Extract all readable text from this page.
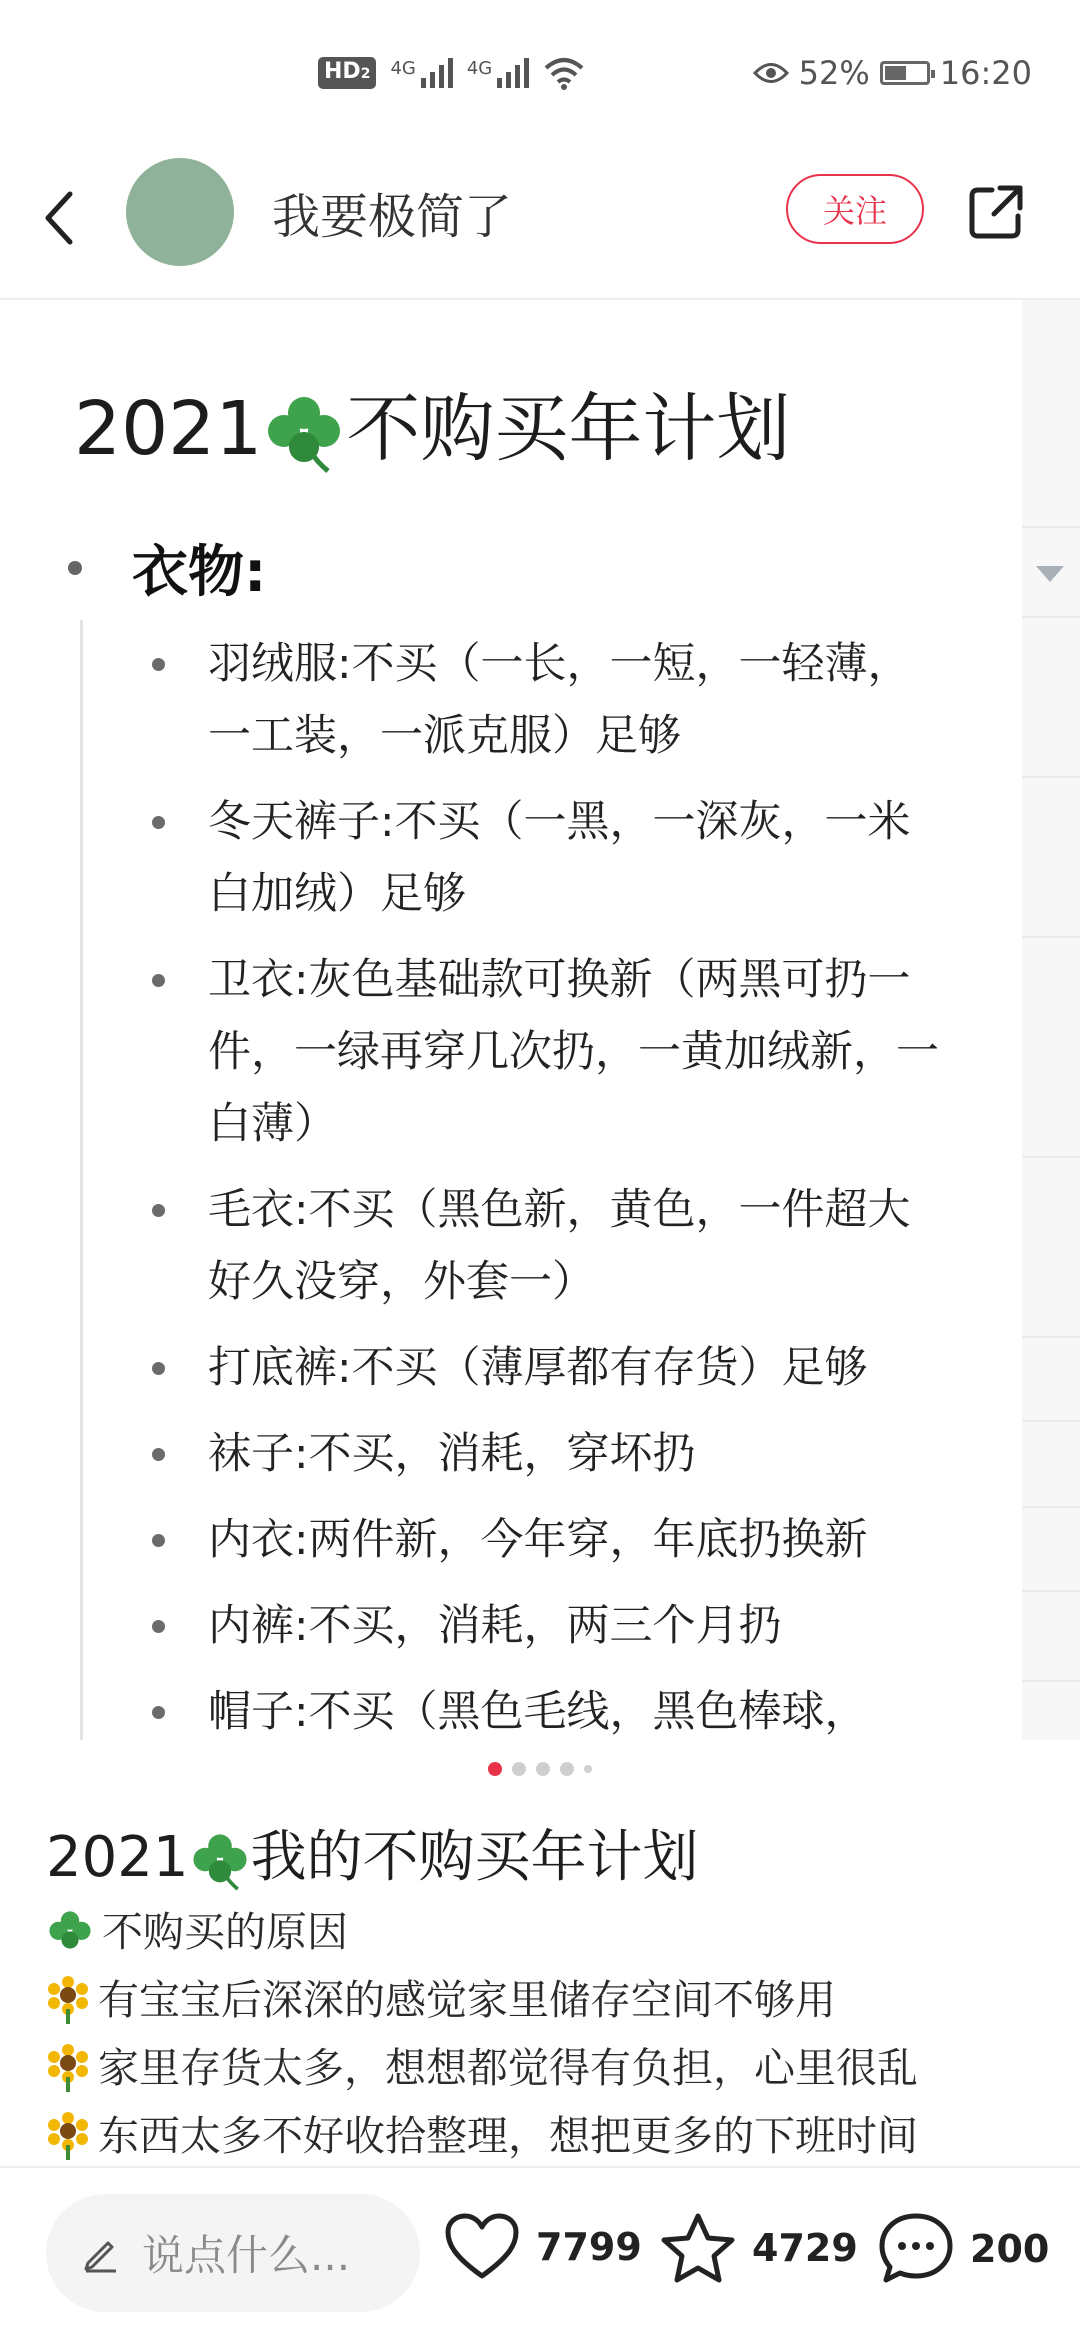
HD2	4G	4G	52% 16:20
我要极简了	关注
2021 不购买年计划
衣物:
羽绒服:不买（一长，一短，一轻薄，一工装，一派克服）足够
冬天裤子:不买（一黑，一深灰，一米白加绒）足够
卫衣:灰色基础款可换新（两黑可扔一件，一绿再穿几次扔，一黄加绒新，一白薄）
毛衣:不买（黑色新，黄色，一件超大好久没穿，外套一）
打底裤:不买（薄厚都有存货）足够
袜子:不买，消耗，穿坏扔
内衣:两件新，今年穿，年底扔换新
内裤:不买，消耗，两三个月扔
帽子:不买（黑色毛线，黑色棒球，
2021 我的不购买年计划
不购买的原因
有宝宝后深深的感觉家里储存空间不够用
家里存货太多，想想都觉得有负担，心里很乱
东西太多不好收拾整理，想把更多的下班时间
说点什么...	7799	4729	200
